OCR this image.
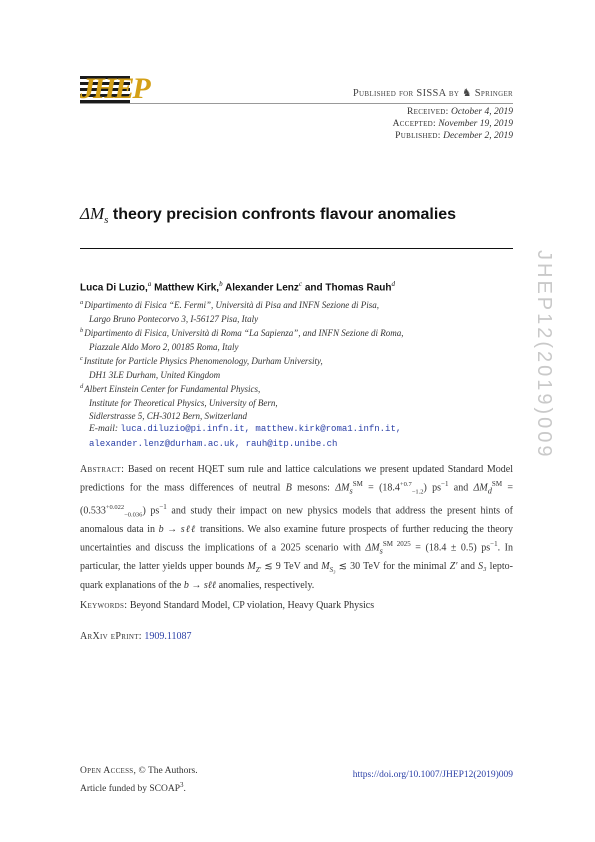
JHEP	Published for SISSA by ♞ Springer
Received: October 4, 2019
Accepted: November 19, 2019
Published: December 2, 2019
$\Delta M_s$ theory precision confronts flavour anomalies
Luca Di Luzio,$^a$ Matthew Kirk,$^b$ Alexander Lenz$^c$ and Thomas Rauh$^d$
$^a$Dipartimento di Fisica “E. Fermi”, Università di Pisa and INFN Sezione di Pisa,
Largo Bruno Pontecorvo 3, I-56127 Pisa, Italy
$^b$Dipartimento di Fisica, Università di Roma “La Sapienza”, and INFN Sezione di Roma,
Piazzale Aldo Moro 2, 00185 Roma, Italy
$^c$Institute for Particle Physics Phenomenology, Durham University,
DH1 3LE Durham, United Kingdom
$^d$Albert Einstein Center for Fundamental Physics,
Institute for Theoretical Physics, University of Bern,
Sidlerstrasse 5, CH-3012 Bern, Switzerland
E-mail: luca.diluzio@pi.infn.it, matthew.kirk@roma1.infn.it,
alexander.lenz@durham.ac.uk, rauh@itp.unibe.ch
Abstract: Based on recent HQET sum rule and lattice calculations we present updated Standard Model predictions for the mass differences of neutral B mesons: $\Delta M_s℠ = (18.4^{+0.7}_{-1.2})$ $ps^{-1}$ and $\Delta M_d℠ = (0.533^{+0.022}_{-0.036})$ $ps^{-1}$ and study their impact on new physics models that address the present hints of anomalous data in b → sℓℓ transitions. We also examine future prospects of further reducing the theory uncertainties and discuss the implications of a 2025 scenario with $\Delta M_s^{SM 2025} = (18.4 \pm 0.5)$ $ps^{-1}$. In particular, the latter yields upper bounds $M_{Z'}$ ≲ 9 TeV and $M_{S_3}$ ≲ 30 TeV for the minimal Z′ and S₃ lepto-quark explanations of the b → sℓℓ anomalies, respectively.
Keywords: Beyond Standard Model, CP violation, Heavy Quark Physics
ArXiv ePrint: 1909.11087
JHEP12(2019)009
Open Access, © The Authors.
Article funded by SCOAP$^3$.
https://doi.org/10.1007/JHEP12(2019)009
